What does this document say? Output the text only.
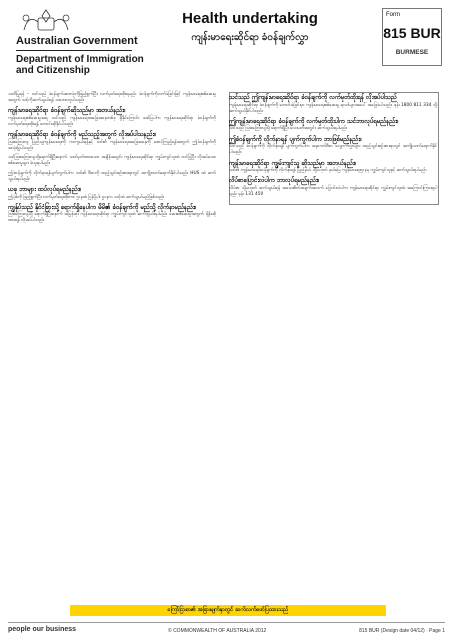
Australian Government
Department of Immigration
and Citizenship
Health undertaking
ကျန်းမာရေးဆိုင်ရာ ခံဝန်ချက်လွှာ
Form
815 BUR
BURMESE
သတိပြုရန် – သင်သည် ခံဝန်ချက်အားလုံးကိုဖြည့်စွက်ပြီး လက်မှတ်ရေးထိုးရမည်။ ခံဝန်ချက်ကိုလက်ခံခြင်းဖြင့် ကျန်းမာရေးစစ်ဆေးမှုအတွက် သင့်ကိုဆက်သွယ်ရန် သဘောတူပါသည်။
ကျန်းမာရေးဆိုင်ရာ ခံဝန်ချက်ဆိုသည်မှာ အဘယ်နည်း။
ကျန်းမာရေးစစ်ဆေးမှုအရ သင်သည် ကျန်းမာရေးအခြေအနေတစ်ခု ရှိနိုင်ကြောင်း ဖော်ပြပါက ကျန်းမာရေးဆိုင်ရာ ခံဝန်ချက်ကို လက်မှတ်ရေးထိုးရန် တောင်းဆိုနိုင်ပါသည်။
ကျန်းမာရေးဆိုင်ရာ ခံဝန်ချက်ကို မည်သည့်အတွက် လိုအပ်ပါသနည်း။
ဩစတြေးလျ ပြည်သူ့ကျန်းမာရေးကို ကာကွယ်ရန်နှင့် သင်၏ ကျန်းမာရေးအခြေအနေကို စောင့်ကြည့်ရန်အတွက် ဤခံဝန်ချက်ကို အသုံးပြုပါသည်။
သင်ဩစတြေးလျသို့ရောက်ရှိပြီးနောက် သတ်မှတ်ထားသော အချိန်အတွင်း ကျန်းမာရေးဆိုင်ရာ ကျွမ်းကျင်သူထံ တင်ပြပြီး လိုအပ်သော စစ်ဆေးမှုများ ခံယူရပါမည်။
ဤခံဝန်ချက်ကို လိုက်နာရန်ပျက်ကွက်ပါက သင်၏ ဗီဇာကို ထည့်သွင်းစဉ်းစားရာတွင် အကျိုးသက်ရောက်နိုင်ပါသည်။ HUS ထံ ဆက်သွယ်ရပါမည်။
ယခု ဘာများ ထပ်လုပ်ရမည်နည်း။
ဤပုံစံကို ဖြည့်စွက်ပြီး လက်မှတ်ရေးထိုးကာ ဌာနထံ ပြန်ပို့ပါ။ ဌာနက သင့်ထံ ဆက်သွယ်မည်ဖြစ်သည်။
ကျွန်ုပ်သည် နိုင်ငံခြားသို့ ရောက်ရှိနေပါက မိမိ၏ ခံဝန်ချက်ကို မည်သို့ လိုက်နာမည်နည်း။
ဩစတြေးလျသို့ ရောက်ရှိပြီးနောက် အမြန်ဆုံး ကျန်းမာရေးဆိုင်ရာ ကျွမ်းကျင်သူထံ ဆက်သွယ်ရပါမည်။ ဆေးစစ်ဆေးမှုအတွက် ချိန်းဆိုထားရန် လိုအပ်ပါသည်။
သင်သည် ဤကျန်းမာရေးဆိုင်ရာ ခံဝန်ချက်ကို လက်မှတ်ထိုးရန် လိုအပ်ပါသည်
ကျန်းမာရေးဆိုင်ရာ ခံဝန်ချက်ကို တောင်းခံခြင်းမှာ ကျန်းမာရေးစစ်ဆေးမှု ရလဒ်များအပေါ် အခြေခံပါသည်။ ဖုန်း 1800 811 334 သို့ ဆက်သွယ်နိုင်ပါသည်။
ဤကျန်းမာရေးဆိုင်ရာ ခံဝန်ချက်ကို လက်မှတ်ထိုးပါက သင်ဘာလုပ်ရမည်နည်း။
သင်သည် ဩစတြေးလျသို့ ရောက်ရှိပြီး လေးပတ်အတွင်း ဆက်သွယ်ရပါမည်။
ဤခံဝန်ချက်ကို လိုက်နာရန် ပျက်ကွက်ပါက ဘာဖြစ်မည်နည်း။
သင်သည် ခံဝန်ချက်ကို လိုက်နာရန် ပျက်ကွက်ပါက အနာဂတ်ဗီဇာ လျှောက်လွှာများ ထည့်သွင်းစဉ်းစားရာတွင် အကျိုးသက်ရောက်နိုင်ပါသည်။
ကျန်းမာရေးဆိုင်ရာ ကျွမ်းကျင်သူ ဆိုသည်မှာ အဘယ်နည်း။
သင်၏ ကျန်းမာရေးခံဝန်ချက်ကို လိုက်နာရန် ပြည်နယ် သို့မဟုတ် နယ်မြေ ကျန်းမာရေးဌာနမှ ကျွမ်းကျင်သူနှင့် ဆက်သွယ်ရပါမည်။
လိပ်စာပြောင်းလဲပါက ဘာလုပ်ရမည်နည်း။
လိပ်စာ သို့မဟုတ် ဆက်သွယ်ရန် အသေးစိတ်အချက်အလက် ပြောင်းလဲပါက ကျန်းမာရေးဆိုင်ရာ ကျွမ်းကျင်သူထံ အကြောင်းကြားရပါမည်။ ဖုန်း 131 450
ကြော်ငြာစာ၏ အခြားမျက်နှာတွင် ဆက်လက်ဖော်ပြထားသည်
people our business	© COMMONWEALTH OF AUSTRALIA 2012	815 BUR (Design date 04/12) · Page 1
